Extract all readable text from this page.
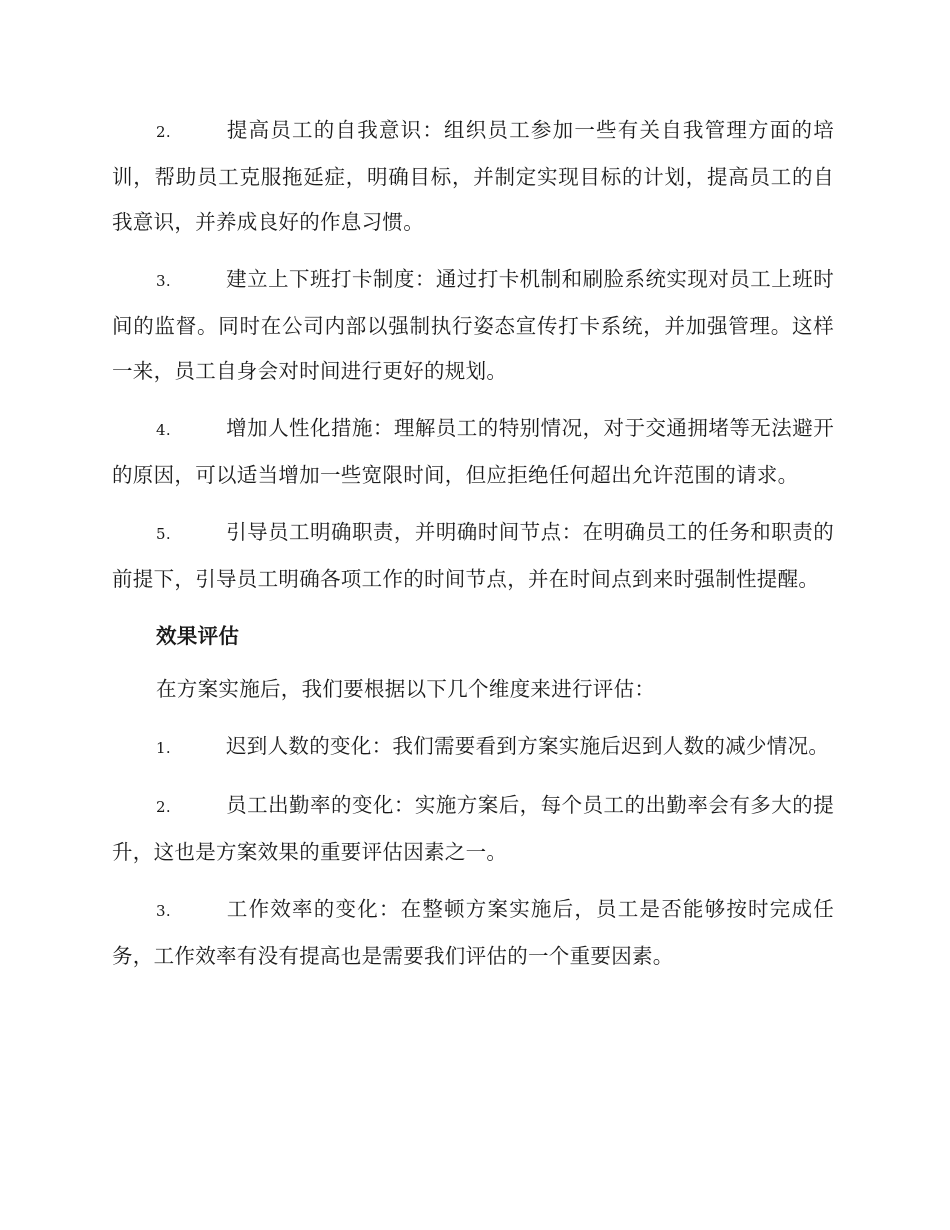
2.	提高员工的自我意识：组织员工参加一些有关自我管理方面的培训，帮助员工克服拖延症，明确目标，并制定实现目标的计划，提高员工的自我意识，并养成良好的作息习惯。

3.	建立上下班打卡制度：通过打卡机制和刷脸系统实现对员工上班时间的监督。同时在公司内部以强制执行姿态宣传打卡系统，并加强管理。这样一来，员工自身会对时间进行更好的规划。

4.	增加人性化措施：理解员工的特别情况，对于交通拥堵等无法避开的原因，可以适当增加一些宽限时间，但应拒绝任何超出允许范围的请求。

5.	引导员工明确职责，并明确时间节点：在明确员工的任务和职责的前提下，引导员工明确各项工作的时间节点，并在时间点到来时强制性提醒。

效果评估

在方案实施后，我们要根据以下几个维度来进行评估：

1.	迟到人数的变化：我们需要看到方案实施后迟到人数的减少情况。

2.	员工出勤率的变化：实施方案后，每个员工的出勤率会有多大的提升，这也是方案效果的重要评估因素之一。

3.	工作效率的变化：在整顿方案实施后，员工是否能够按时完成任务，工作效率有没有提高也是需要我们评估的一个重要因素。
